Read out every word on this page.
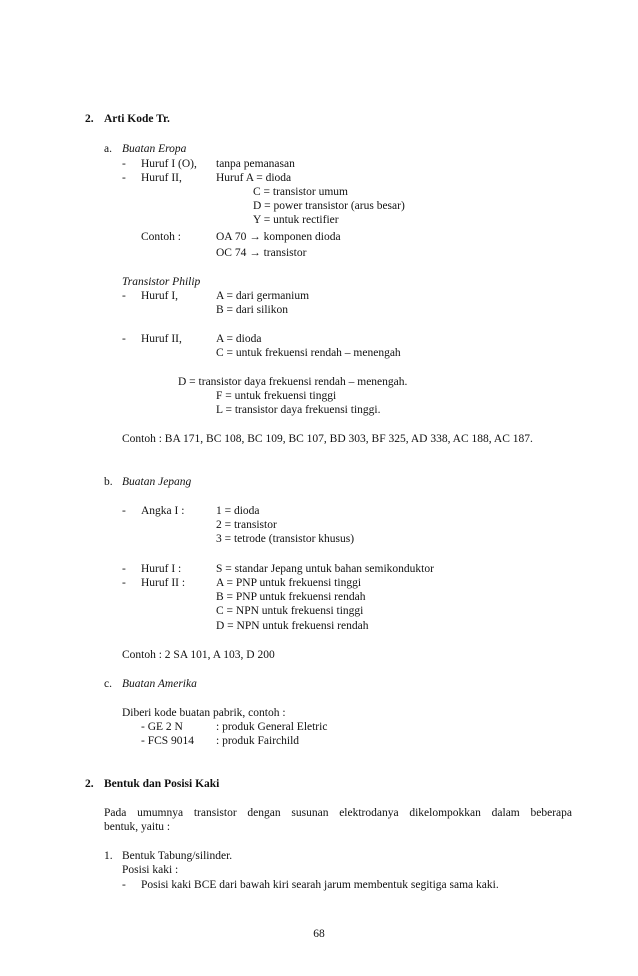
2. Arti Kode Tr.
a. Buatan Eropa
- Huruf I (O), tanpa pemanasan
- Huruf II,	Huruf A = dioda
C = transistor umum
D = power transistor (arus besar)
Y = untuk rectifier
Contoh :	OA 70 → komponen dioda
OC 74 → transistor
Transistor Philip
- Huruf I,	A = dari germanium
B = dari silikon
- Huruf II,	A = dioda
C = untuk frekuensi rendah – menengah
D = transistor daya frekuensi rendah – menengah.
F = untuk frekuensi tinggi
L = transistor daya frekuensi tinggi.
Contoh : BA 171, BC 108, BC 109, BC 107, BD 303, BF 325, AD 338, AC 188, AC 187.
b. Buatan Jepang
- Angka I :	1 = dioda
2 = transistor
3 = tetrode (transistor khusus)
- Huruf I :	S = standar Jepang untuk bahan semikonduktor
- Huruf II :	A = PNP untuk frekuensi tinggi
B = PNP untuk frekuensi rendah
C = NPN untuk frekuensi tinggi
D = NPN untuk frekuensi rendah
Contoh : 2 SA 101, A 103, D 200
c. Buatan Amerika
Diberi kode buatan pabrik, contoh :
- GE 2 N	: produk General Eletric
- FCS 9014 : produk Fairchild
2. Bentuk dan Posisi Kaki
Pada umumnya transistor dengan susunan elektrodanya dikelompokkan dalam beberapa
bentuk, yaitu :
1. Bentuk Tabung/silinder.
Posisi kaki :
- Posisi kaki BCE dari bawah kiri searah jarum membentuk segitiga sama kaki.
68
